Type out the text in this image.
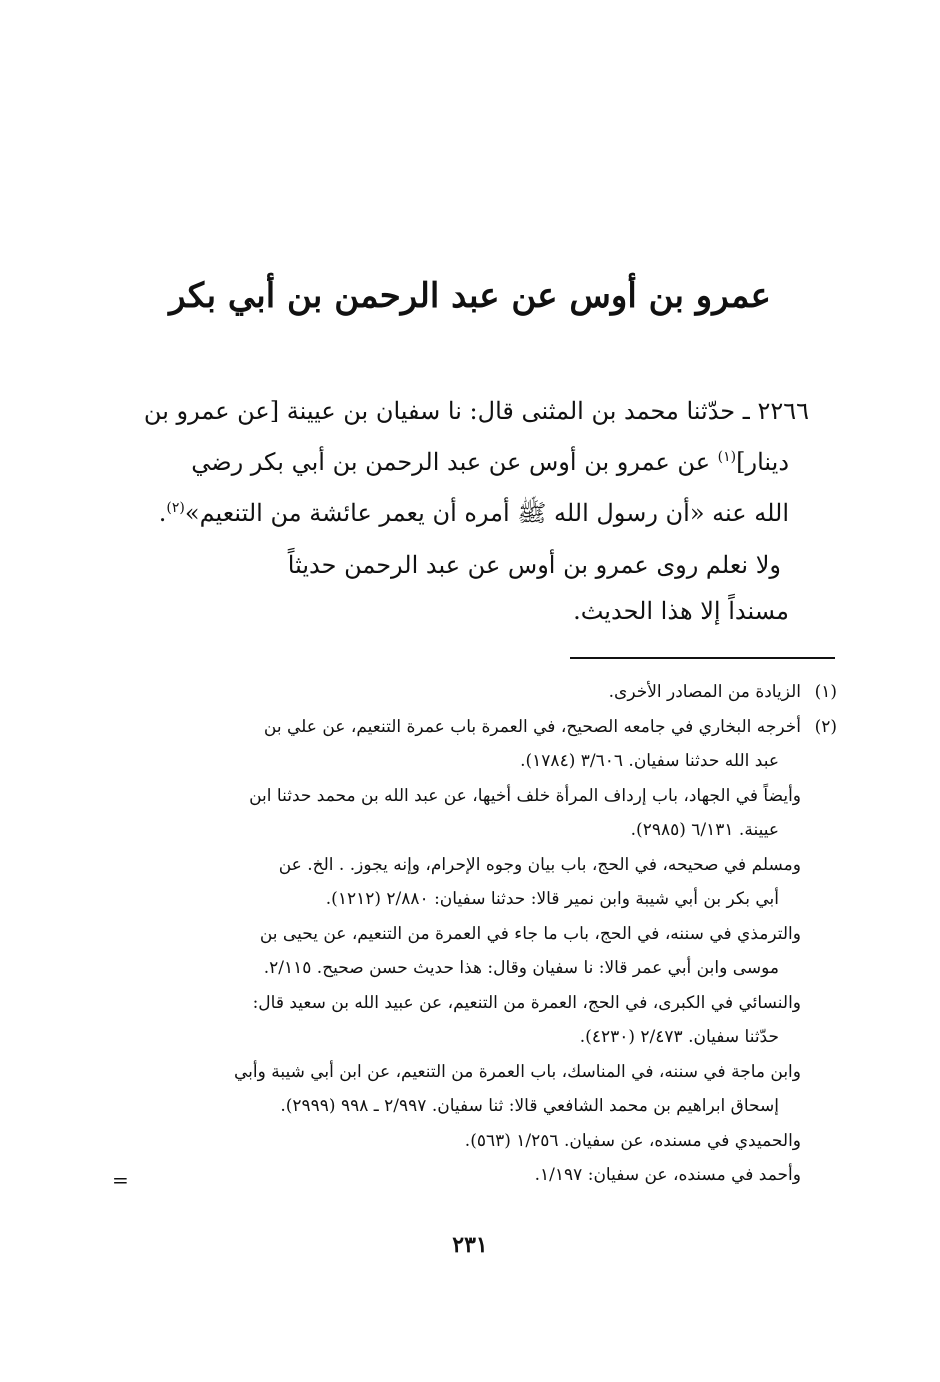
عمرو بن أوس عن عبد الرحمن بن أبي بكر

٢٢٦٦ ـ حدّثنا محمد بن المثنى قال: نا سفيان بن عيينة [عن عمرو بن

دينار]$^{(١)}$ عن عمرو بن أوس عن عبد الرحمن بن أبي بكر رضي

الله عنه «أن رسول الله ﷺ أمره أن يعمر عائشة من التنعيم»$^{(٢)}$.

ولا نعلم روى عمرو بن أوس عن عبد الرحمن حديثاً

مسنداً إلا هذا الحديث.

(١)

الزيادة من المصادر الأخرى.

(٢)

أخرجه البخاري في جامعه الصحيح، في العمرة باب عمرة التنعيم، عن علي بن

عبد الله حدثنا سفيان. ٣/٦٠٦ (١٧٨٤).

وأيضاً في الجهاد، باب إرداف المرأة خلف أخيها، عن عبد الله بن محمد حدثنا ابن

عيينة. ٦/١٣١ (٢٩٨٥).

ومسلم في صحيحه، في الحج، باب بيان وجوه الإحرام، وإنه يجوز. . الخ. عن

أبي بكر بن أبي شيبة وابن نمير قالا: حدثنا سفيان: ٢/٨٨٠ (١٢١٢).

والترمذي في سننه، في الحج، باب ما جاء في العمرة من التنعيم، عن يحيى بن

موسى وابن أبي عمر قالا: نا سفيان وقال: هذا حديث حسن صحيح. ٢/١١٥.

والنسائي في الكبرى، في الحج، العمرة من التنعيم، عن عبيد الله بن سعيد قال:

حدّثنا سفيان. ٢/٤٧٣ (٤٢٣٠).

وابن ماجة في سننه، في المناسك، باب العمرة من التنعيم، عن ابن أبي شيبة وأبي

إسحاق ابراهيم بن محمد الشافعي قالا: ثنا سفيان. ٢/٩٩٧ ـ ٩٩٨ (٢٩٩٩).

والحميدي في مسنده، عن سفيان. ١/٢٥٦ (٥٦٣).

وأحمد في مسنده، عن سفيان: ١/١٩٧.

=
٢٣١
